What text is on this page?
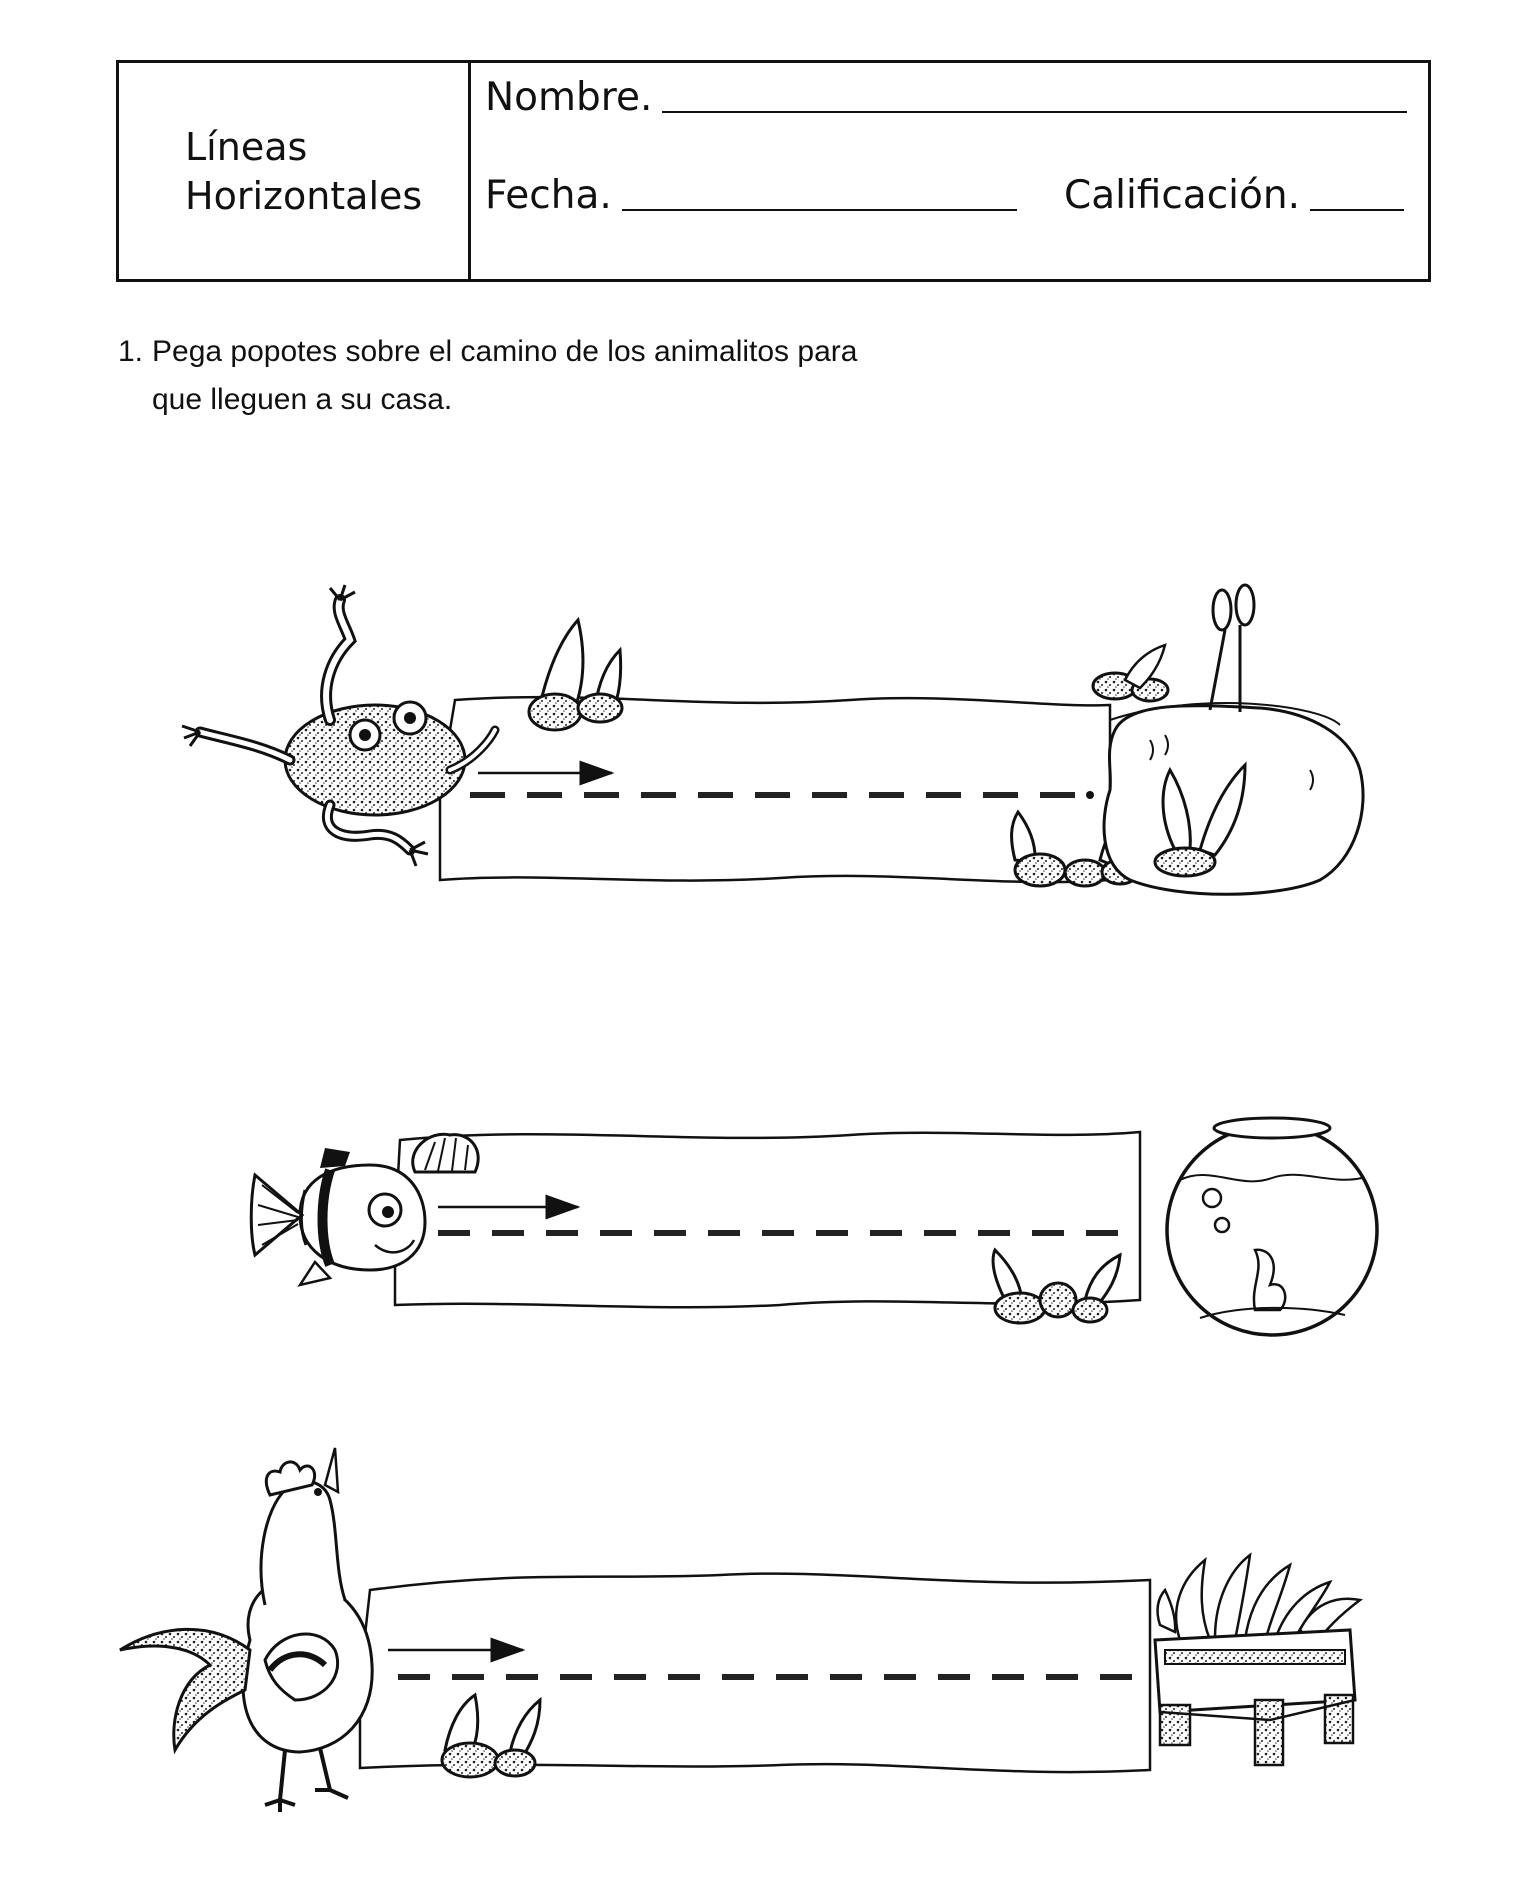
Líneas
Horizontales
Nombre.
Fecha.	Calificación.
1. Pega popotes sobre el camino de los animalitos para
que lleguen a su casa.
